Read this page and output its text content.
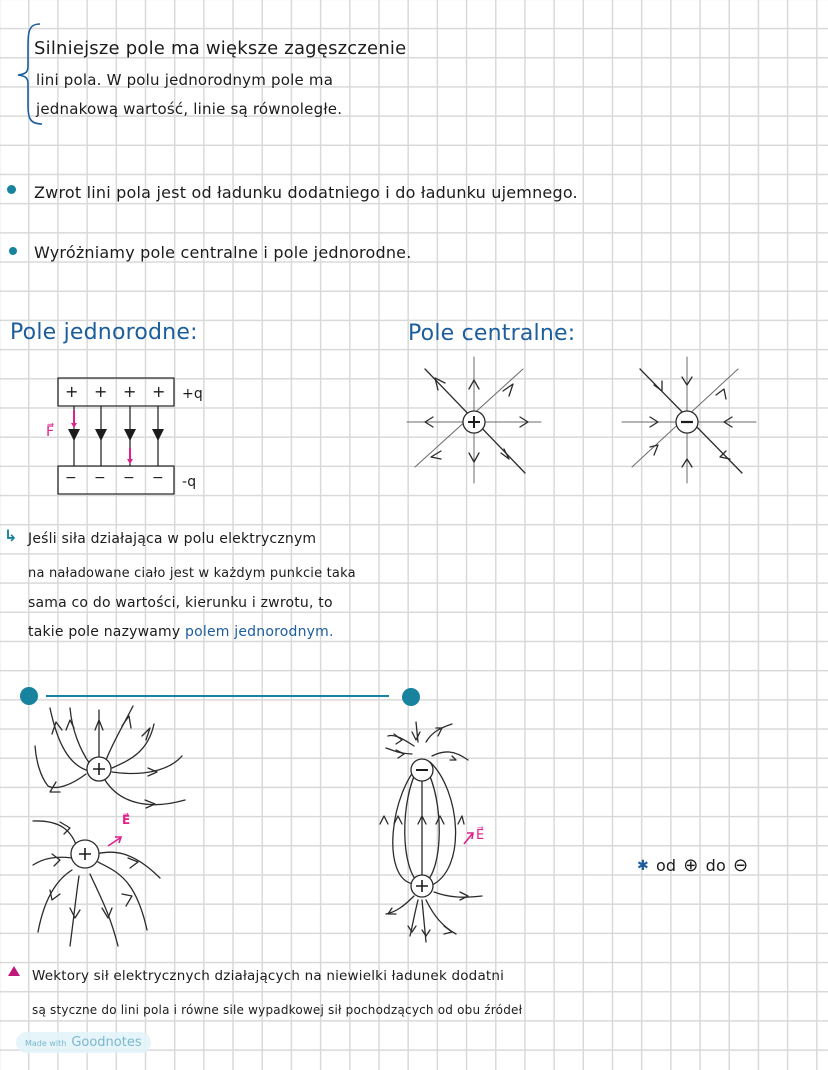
Silniejsze pole ma większe zagęszczenie
lini pola. W polu jednorodnym pole ma
jednakową wartość, linie są równoległe.
Zwrot lini pola jest od ładunku dodatniego i do ładunku ujemnego.
Wyróżniamy pole centralne i pole jednorodne.
Pole jednorodne:	Pole centralne:
+ + + +
− − − −
+q
-q
F⃗
↳ Jeśli siła działająca w polu elektrycznym
na naładowane ciało jest w każdym punkcie taka
sama co do wartości, kierunku i zwrotu, to
takie pole nazywamy polem jednorodnym.
E⃗
E⃗
✱ od ⊕ do ⊖
Wektory sił elektrycznych działających na niewielki ładunek dodatni
są styczne do lini pola i równe sile wypadkowej sił pochodzących od obu źródeł
Made with Goodnotes
